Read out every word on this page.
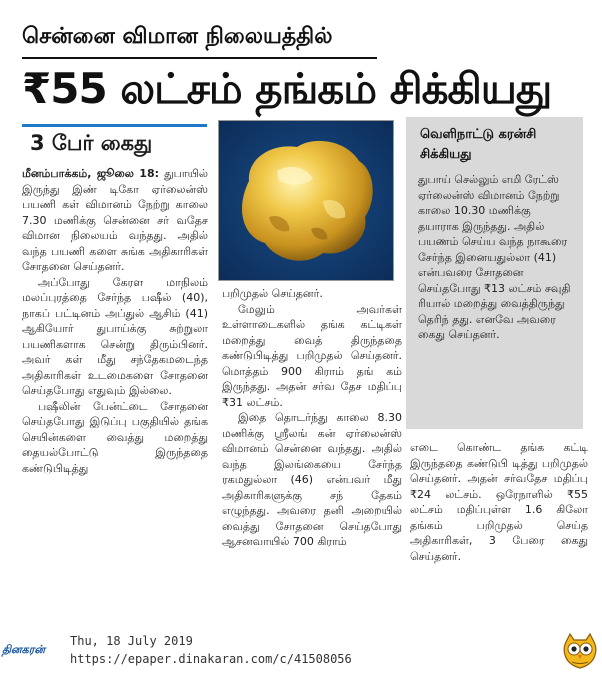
சென்னை விமான நிலையத்தில்
₹55 லட்சம் தங்கம் சிக்கியது
3 பேர் கைது

மீனம்பாக்கம், ஜூலை 18: துபாயில் இருந்து இண் டிகோ ஏர்லைன்ஸ் பயணி கள் விமானம் நேற்று காலை 7.30 மணிக்கு சென்னை சர் வதேச விமான நிலையம் வந்தது. அதில் வந்த பயணி களை சுங்க அதிகாரிகள் சோதனை செய்தனர்.

அப்போது கேரள மாநிலம் மலப்புரத்தை சேர்ந்த பஷீல் (40), நாகப் பட்டினம் அப்துல் ஆசிம் (41) ஆகியோர் துபாய்க்கு சுற்றுலா பயணிகளாக சென்று திரும்பினர். அவர் கள் மீது சந்தேகமடைந்த அதிகாரிகள் உடமைகளை சோதனை செய்தபோது எதுவும் இல்லை.

பஷீலின் பேன்ட்டை சோதனை செய்தபோது இடுப்பு பகுதியில் தங்க செயின்களை வைத்து மறைத்து தையல்போட்டு இருந்ததை கண்டுபிடித்து

பறிமுதல் செய்தனர்.

மேலும் அவர்கள் உள்ளாடைகளில் தங்க கட்டிகள் மறைத்து வைத் திருந்ததை கண்டுபிடித்து பறிமுதல் செய்தனர். மொத்தம் 900 கிராம் தங் கம் இருந்தது. அதன் சர்வ தேச மதிப்பு ₹31 லட்சம்.

இதை தொடர்ந்து காலை 8.30 மணிக்கு ஸ்ரீலங் கன் ஏர்லைன்ஸ் விமானம் சென்னை வந்தது. அதில் வந்த இலங்கையை சேர்ந்த ரகமதுல்லா (46) என்பவர் மீது அதிகாரிகளுக்கு சந் தேகம் எழுந்தது. அவரை தனி அறையில் வைத்து சோதனை செய்தபோது ஆசனவாயில் 700 கிராம்

வெளிநாட்டு கரன்சி சிக்கியது
துபாய் செல்லும் எமி ரேட்ஸ் ஏர்லைன்ஸ் விமானம் நேற்று காலை 10.30 மணிக்கு தயாராக இருந்தது. அதில் பயணம் செய்ய வந்த நாகூரை சேர்ந்த இனையதுல்லா (41) என்பவரை சோதனை செய்தபோது ₹13 லட்சம் சவுதி ரியால் மறைத்து வைத்திருந்து தெரிந் தது. எனவே அவரை கைது செய்தனர்.

எடை கொண்ட தங்க கட்டி இருந்ததை கண்டுபி டித்து பறிமுதல் செய்தனர். அதன் சர்வதேச மதிப்பு ₹24 லட்சம். ஒரேநாளில் ₹55 லட்சம் மதிப்புள்ள 1.6 கிலோ தங்கம் பறிமுதல் செய்த அதிகாரிகள், 3 பேரை கைது செய்தனர்.

தினகரன்
Thu, 18 July 2019
https://epaper.dinakaran.com/c/41508056
